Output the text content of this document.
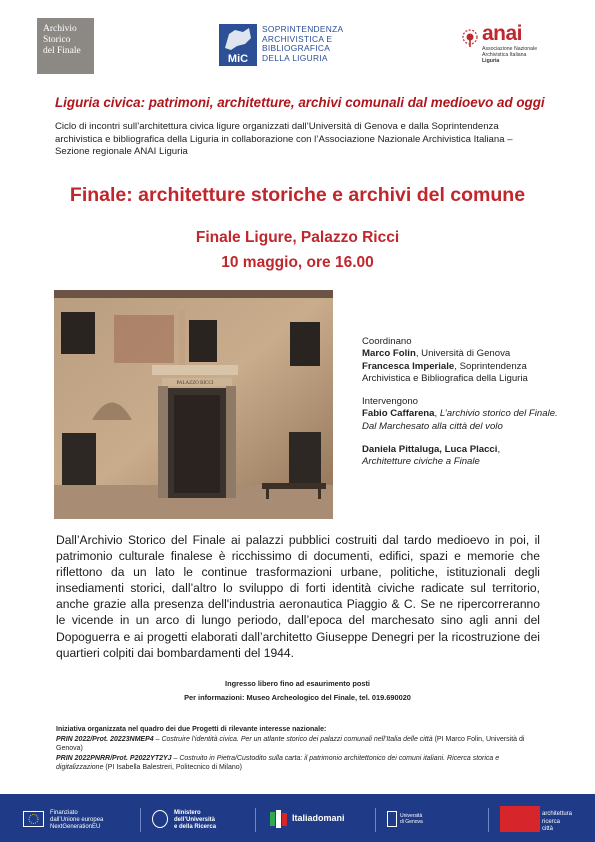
Archivio
Storico
del Finale
MiC
SOPRINTENDENZA
ARCHIVISTICA E
BIBLIOGRAFICA
DELLA LIGURIA
anai
Associazione Nazionale
Archivistica Italiana
Liguria
Liguria civica: patrimoni, architetture, archivi comunali dal medioevo ad oggi
Ciclo di incontri sull’architettura civica ligure organizzati dall’Università di Genova e dalla Soprintendenza archivistica e bibliografica della Liguria in collaborazione con l’Associazione Nazionale Archivistica Italiana – Sezione regionale ANAI Liguria
Finale: architetture storiche e archivi del comune
Finale Ligure, Palazzo Ricci
10 maggio, ore 16.00
PALAZZO RICCI

Coordinano
Marco Folin, Università di Genova
Francesca Imperiale, Soprintendenza Archivistica e Bibliografica della Liguria

Intervengono
Fabio Caffarena, L’archivio storico del Finale. Dal Marchesato alla città del volo

Daniela Pittaluga, Luca Placci,
Architetture civiche a Finale

Dall’Archivio Storico del Finale ai palazzi pubblici costruiti dal tardo medioevo in poi, il patrimonio culturale finalese è ricchissimo di documenti, edifici, spazi e memorie che riflettono da un lato le continue trasformazioni urbane, politiche, istituzionali degli insediamenti storici, dall’altro lo sviluppo di forti identità civiche radicate sul territorio, anche grazie alla presenza dell'industria aeronautica Piaggio & C. Se ne ripercorreranno le vicende in un arco di lungo periodo, dall’epoca del marchesato sino agli anni del Dopoguerra e ai progetti elaborati dall’architetto Giuseppe Denegri per la ricostruzione dei quartieri colpiti dai bombardamenti del 1944.
Ingresso libero fino ad esaurimento posti
Per informazioni: Museo Archeologico del Finale, tel. 019.690020
Iniziativa organizzata nel quadro dei due Progetti di rilevante interesse nazionale:
PRIN 2022/Prot. 20223NMEP4 – Costruire l’identità civica. Per un atlante storico dei palazzi comunali nell’Italia delle città (PI Marco Folin, Università di Genova)
PRIN 2022PNRR/Prot. P2022YT2YJ – Costruito in Pietra/Custodito sulla carta: il patrimonio architettonico dei comuni italiani. Ricerca storica e digitalizzazione (PI Isabella Balestreri, Politecnico di Milano)
Finanziato
dall’Unione europea
NextGenerationEU
Ministero
dell’Università
e della Ricerca
Italiadomani	Università
di Genova
architettura
ricerca
città
